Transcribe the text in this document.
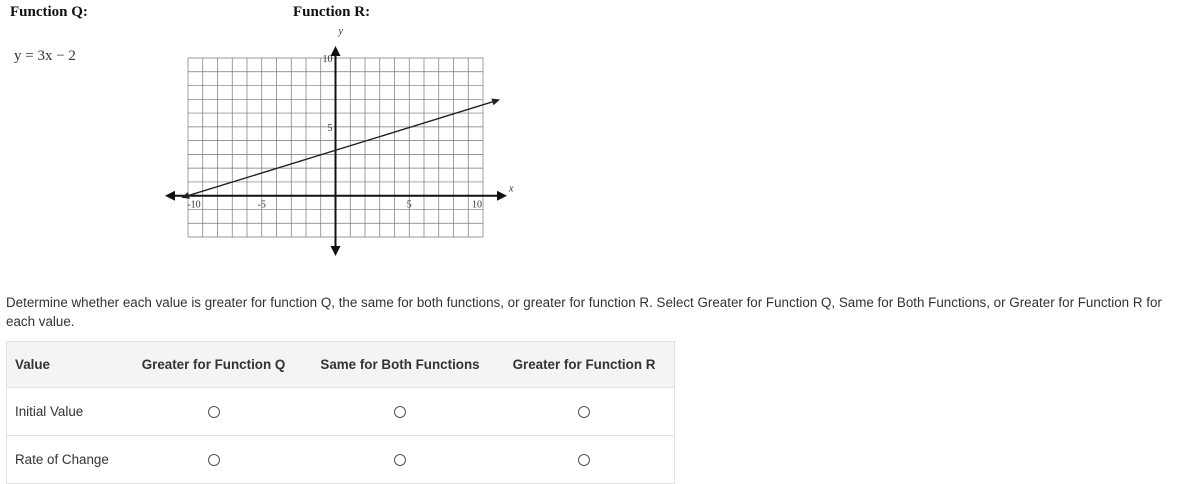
Function Q:
y = 3x − 2
Function R:
-10	-5	5	10
5
10
x
y

Determine whether each value is greater for function Q, the same for both functions, or greater for function R. Select Greater for Function Q, Same for Both Functions, or Greater for Function R for each value.

Value	Greater for Function Q	Same for Both Functions	Greater for Function R
Initial Value			
Rate of Change			
